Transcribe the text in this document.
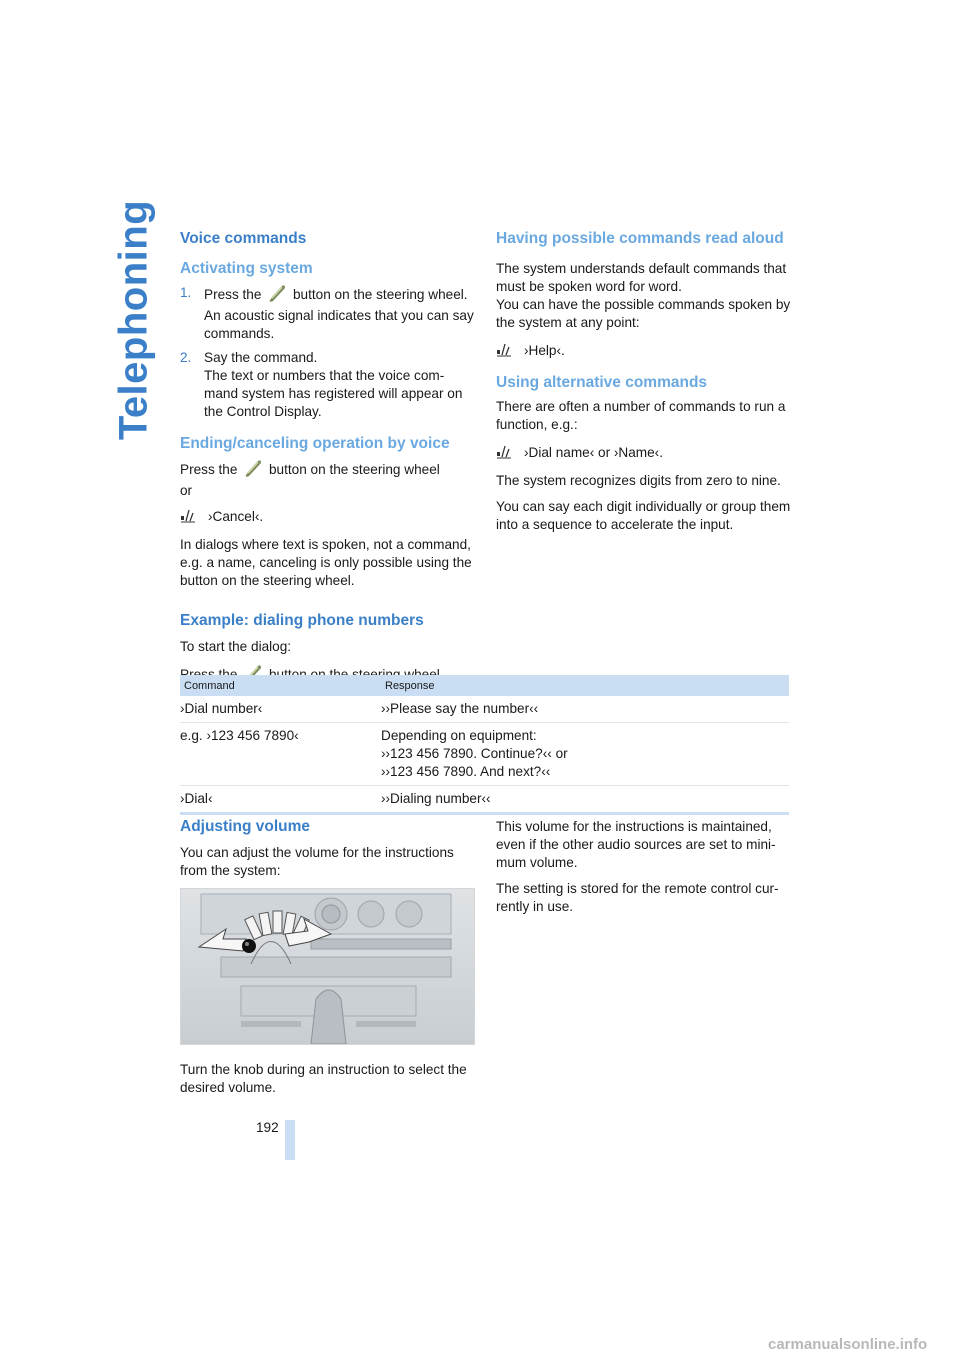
Telephoning Voice commands
Activating system
1. Press the button on the steering wheel.
An acoustic signal indicates that you can say commands.
2. Say the command.
The text or numbers that the voice com-mand system has registered will appear on the Control Display.
Ending/canceling operation by voice

Press the button on the steering wheel
or

›Cancel‹.

In dialogs where text is spoken, not a command, e.g. a name, canceling is only possible using the button on the steering wheel.

Example: dialing phone numbers

To start the dialog:

Having possible commands read aloud

The system understands default commands that must be spoken word for word.

You can have the possible commands spoken by the system at any point:

›Help‹.
Using alternative commands

There are often a number of commands to run a function, e.g.:

›Dial name‹ or ›Name‹.

The system recognizes digits from zero to nine.

You can say each digit individually or group them into a sequence to accelerate the input.

Command	Response
›Dial number‹	››Please say the number‹‹
e.g. ›123 456 7890‹	Depending on equipment:
››123 456 7890. Continue?‹‹ or
››123 456 7890. And next?‹‹
›Dial‹	››Dialing number‹‹
Adjusting volume

You can adjust the volume for the instructions from the system:

Turn the knob during an instruction to select the desired volume.

This volume for the instructions is maintained, even if the other audio sources are set to mini-mum volume.

The setting is stored for the remote control cur-rently in use.

192
carmanualsonline.info
